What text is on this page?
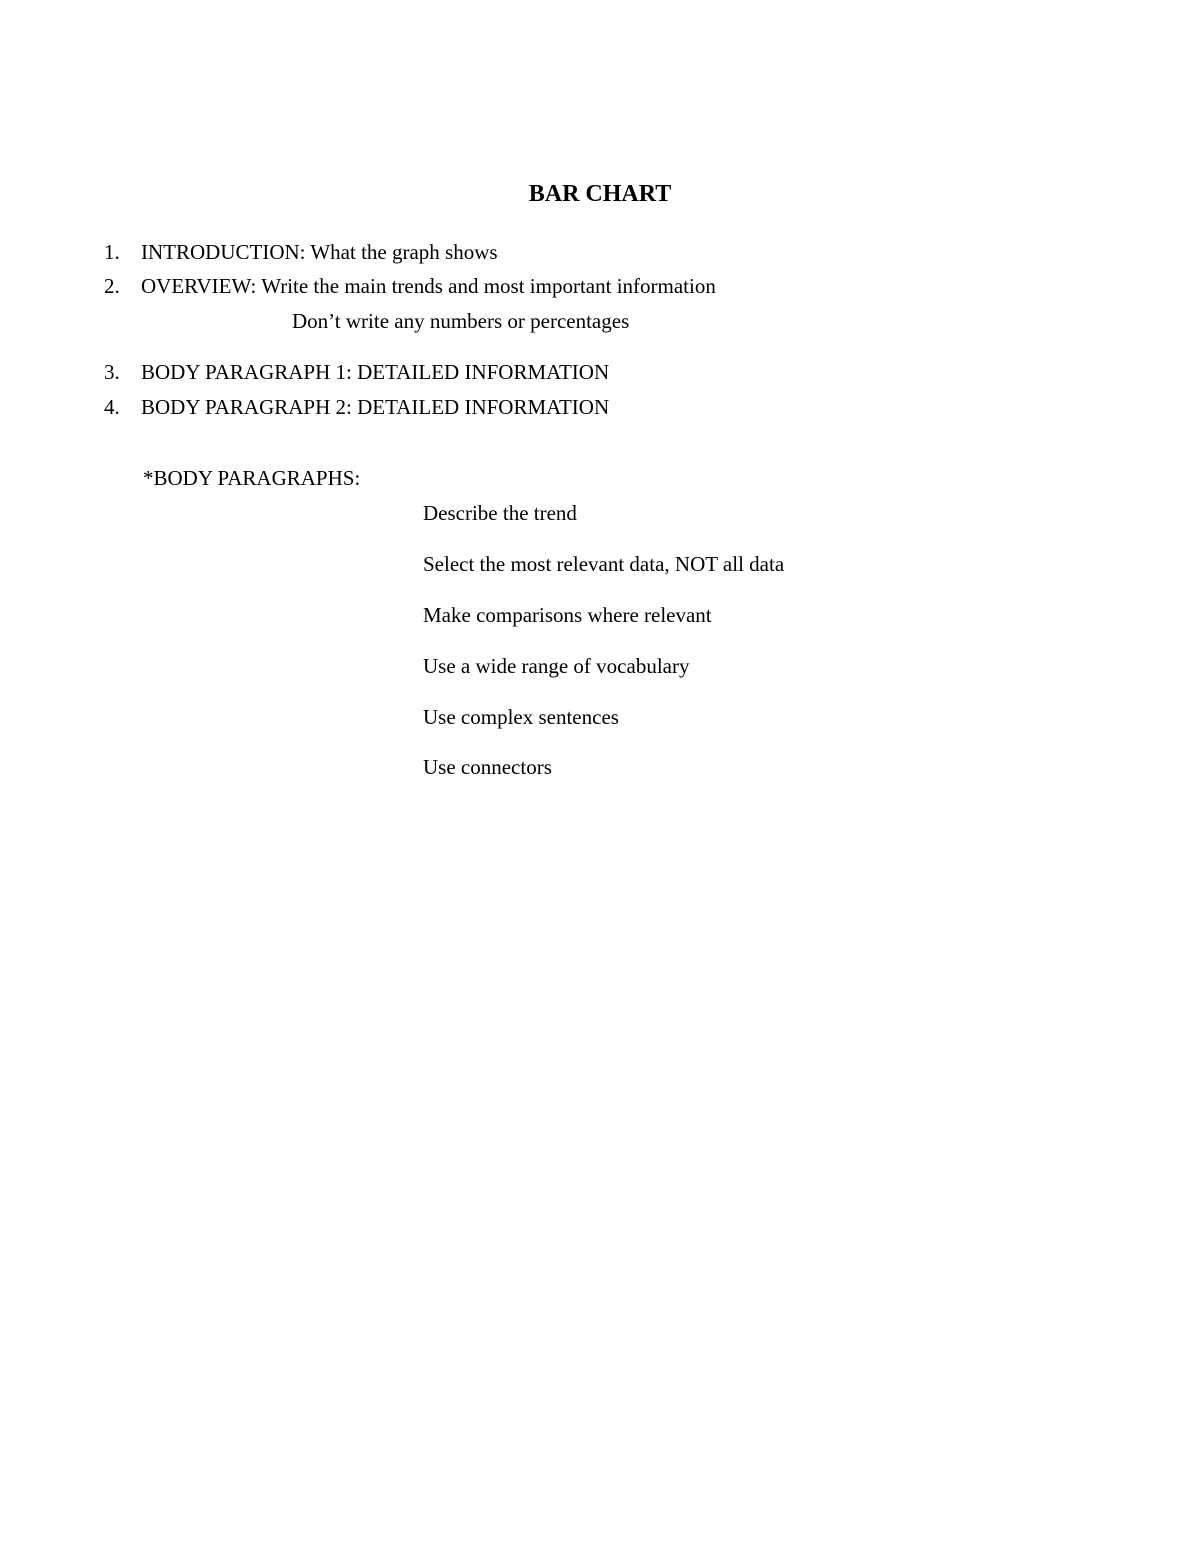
BAR CHART
1. INTRODUCTION: What the graph shows
2. OVERVIEW: Write the main trends and most important information
Don’t write any numbers or percentages
3. BODY PARAGRAPH 1: DETAILED INFORMATION
4. BODY PARAGRAPH 2: DETAILED INFORMATION
*BODY PARAGRAPHS:
Describe the trend
Select the most relevant data, NOT all data
Make comparisons where relevant
Use a wide range of vocabulary
Use complex sentences
Use connectors
